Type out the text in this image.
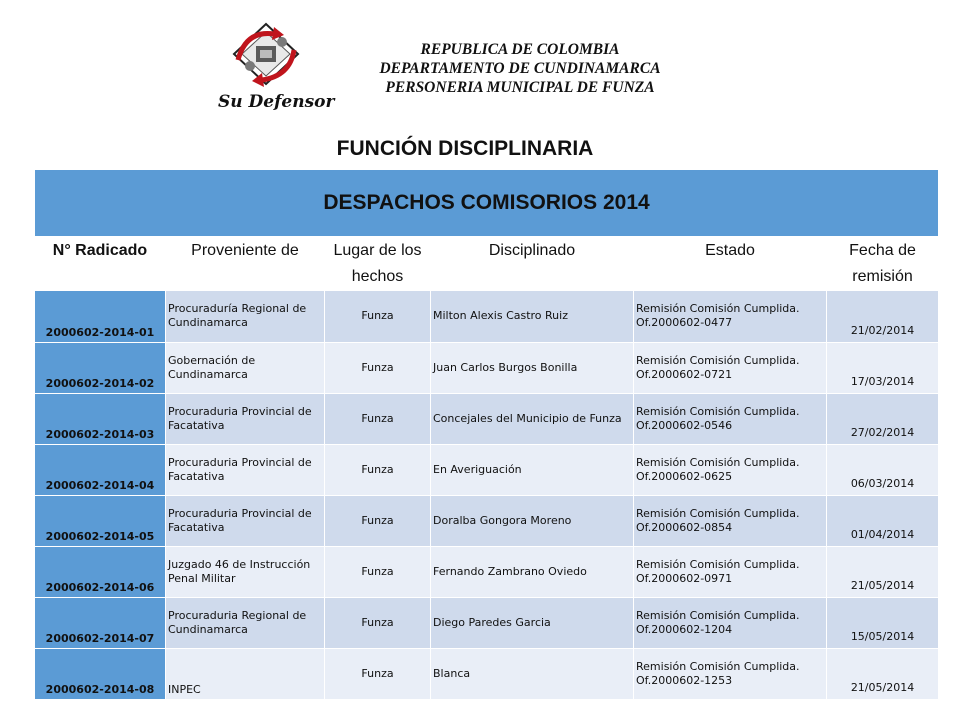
Su Defensor
REPUBLICA DE COLOMBIA
DEPARTAMENTO DE CUNDINAMARCA
PERSONERIA MUNICIPAL DE FUNZA
FUNCIÓN DISCIPLINARIA
DESPACHOS COMISORIOS 2014					
N° Radicado	Proveniente de	Lugar de los hechos	Disciplinado	Estado	Fecha de remisión
2000602-2014-01	Procuraduría Regional de Cundinamarca	Funza	Milton Alexis Castro Ruiz	Remisión Comisión Cumplida. Of.2000602-0477	21/02/2014
2000602-2014-02	Gobernación de Cundinamarca	Funza	Juan Carlos Burgos Bonilla	Remisión Comisión Cumplida. Of.2000602-0721	17/03/2014
2000602-2014-03	Procuraduria Provincial de Facatativa	Funza	Concejales del Municipio de Funza	Remisión Comisión Cumplida. Of.2000602-0546	27/02/2014
2000602-2014-04	Procuraduria Provincial de Facatativa	Funza	En Averiguación	Remisión Comisión Cumplida. Of.2000602-0625	06/03/2014
2000602-2014-05	Procuraduria Provincial de Facatativa	Funza	Doralba Gongora Moreno	Remisión Comisión Cumplida. Of.2000602-0854	01/04/2014
2000602-2014-06	Juzgado 46 de Instrucción Penal Militar	Funza	Fernando Zambrano Oviedo	Remisión Comisión Cumplida. Of.2000602-0971	21/05/2014
2000602-2014-07	Procuraduria Regional de Cundinamarca	Funza	Diego Paredes Garcia	Remisión Comisión Cumplida. Of.2000602-1204	15/05/2014
2000602-2014-08	INPEC	Funza	Blanca	Remisión Comisión Cumplida. Of.2000602-1253	21/05/2014
